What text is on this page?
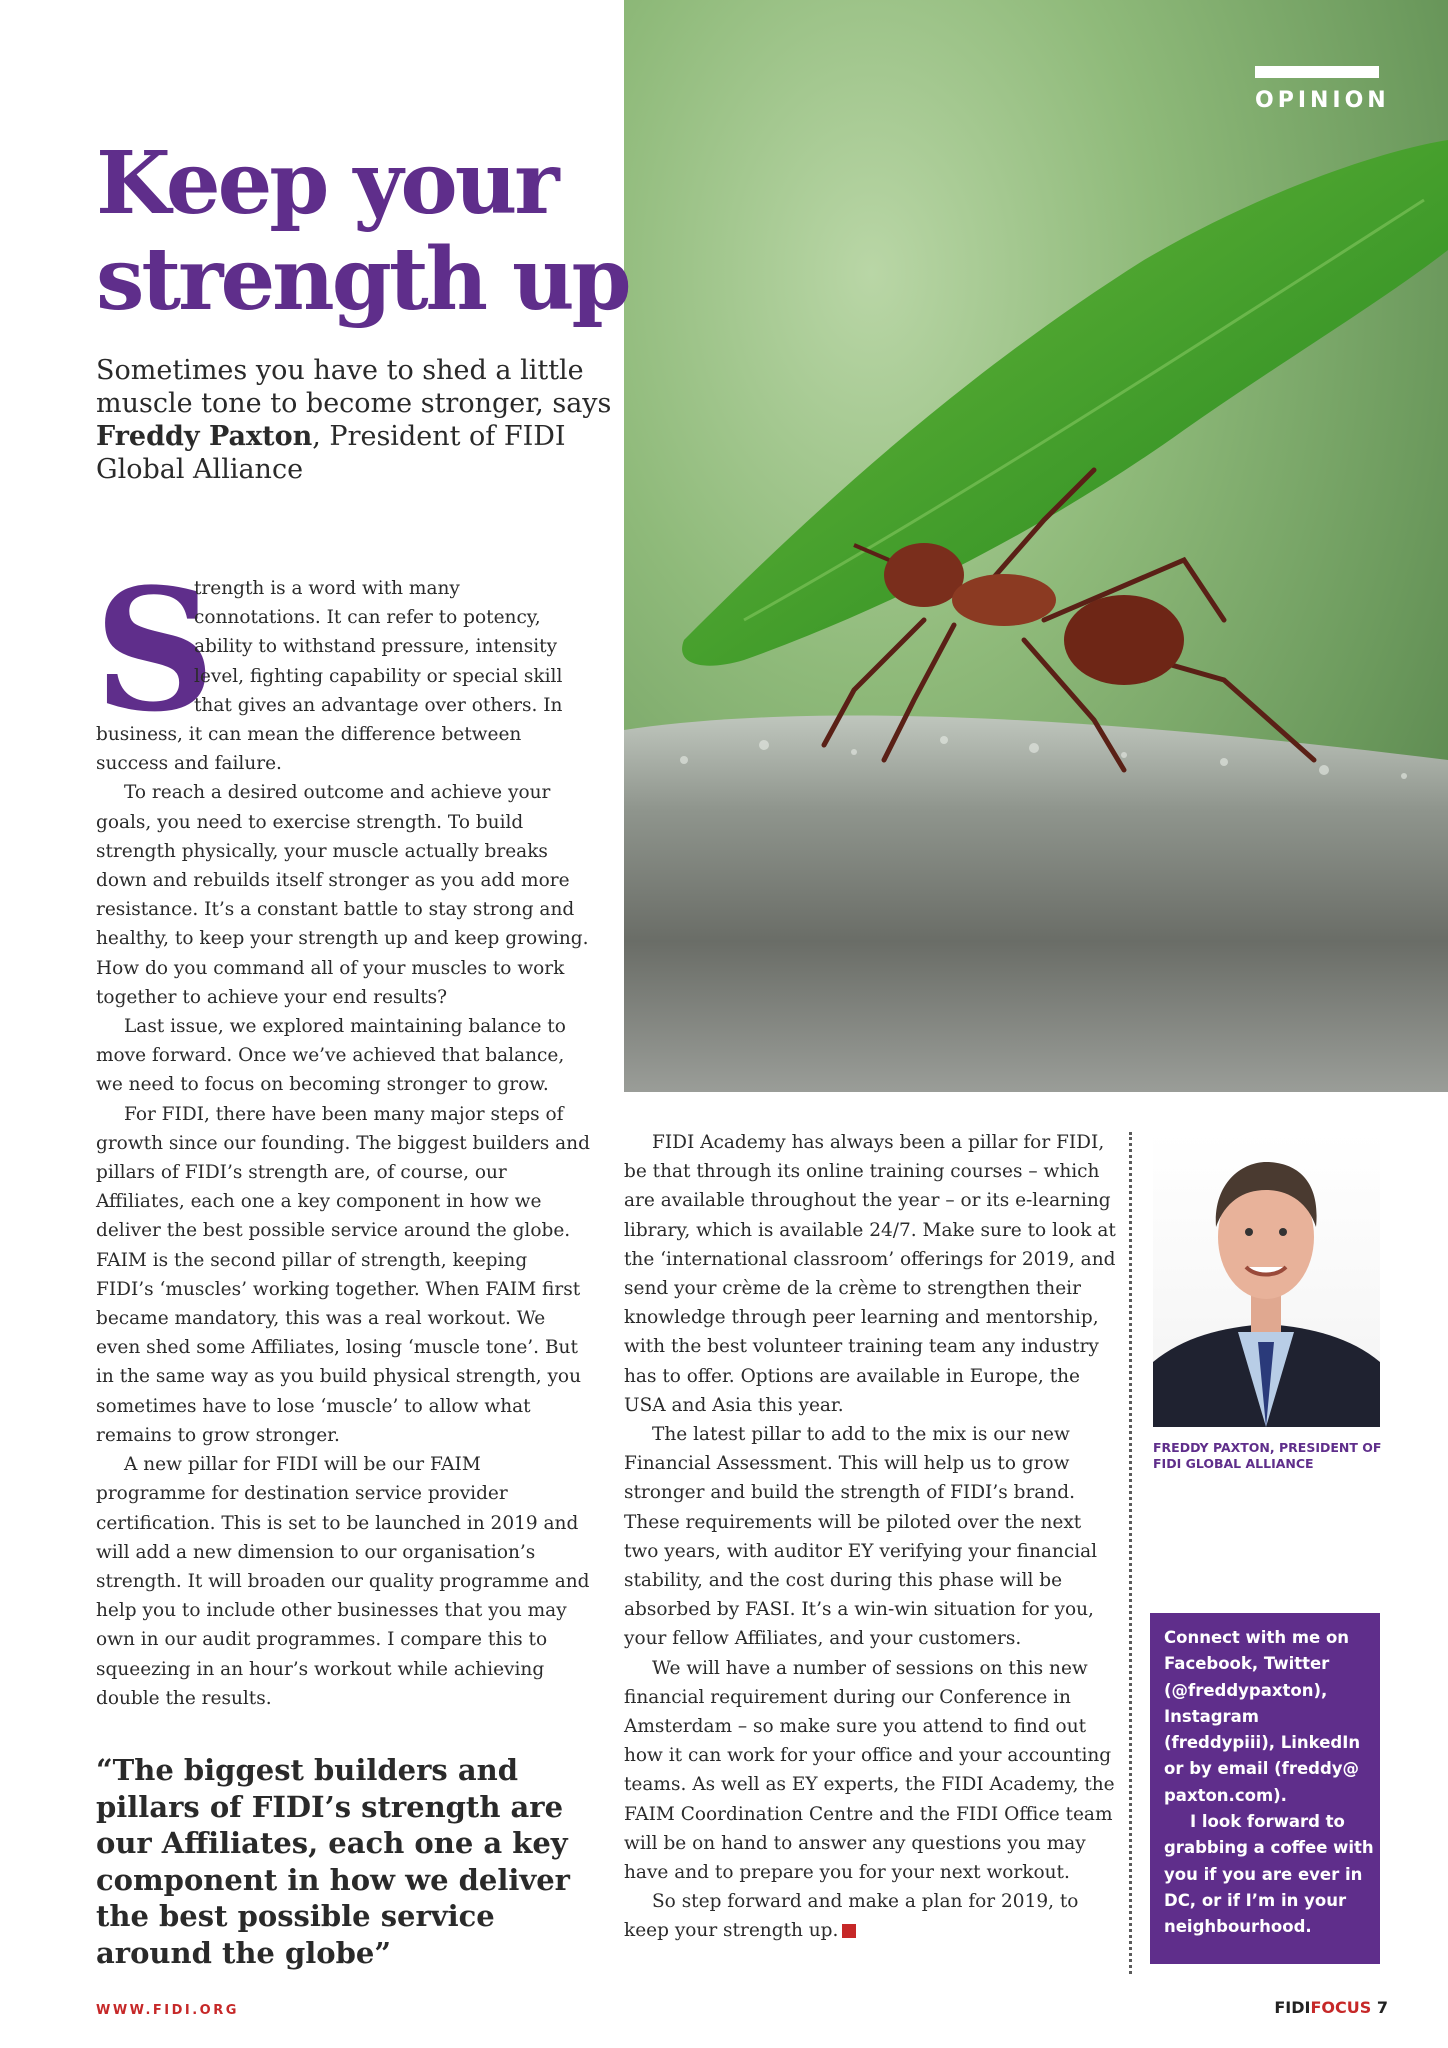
OPINION
Keep your
strength up
Sometimes you have to shed a little muscle tone to become stronger, says Freddy Paxton, President of FIDI Global Alliance
S

trength is a word with many connotations. It can refer to potency, ability to withstand pressure, intensity level, fighting capability or special skill that gives an advantage over others. In business, it can mean the difference between success and failure.

To reach a desired outcome and achieve your goals, you need to exercise strength. To build strength physically, your muscle actually breaks down and rebuilds itself stronger as you add more resistance. It’s a constant battle to stay strong and healthy, to keep your strength up and keep growing. How do you command all of your muscles to work together to achieve your end results?

Last issue, we explored maintaining balance to move forward. Once we’ve achieved that balance, we need to focus on becoming stronger to grow.

For FIDI, there have been many major steps of growth since our founding. The biggest builders and pillars of FIDI’s strength are, of course, our Affiliates, each one a key component in how we deliver the best possible service around the globe. FAIM is the second pillar of strength, keeping FIDI’s ‘muscles’ working together. When FAIM first became mandatory, this was a real workout. We even shed some Affiliates, losing ‘muscle tone’. But in the same way as you build physical strength, you sometimes have to lose ‘muscle’ to allow what remains to grow stronger.

A new pillar for FIDI will be our FAIM programme for destination service provider certification. This is set to be launched in 2019 and will add a new dimension to our organisation’s strength. It will broaden our quality programme and help you to include other businesses that you may own in our audit programmes. I compare this to squeezing in an hour’s workout while achieving double the results.

“The biggest builders and pillars of FIDI’s strength are our Affiliates, each one a key component in how we deliver the best possible service around the globe”

FIDI Academy has always been a pillar for FIDI, be that through its online training courses – which are available throughout the year – or its e-learning library, which is available 24/7. Make sure to look at the ‘international classroom’ offerings for 2019, and send your crème de la crème to strengthen their knowledge through peer learning and mentorship, with the best volunteer training team any industry has to offer. Options are available in Europe, the USA and Asia this year.

The latest pillar to add to the mix is our new Financial Assessment. This will help us to grow stronger and build the strength of FIDI’s brand. These requirements will be piloted over the next two years, with auditor EY verifying your financial stability, and the cost during this phase will be absorbed by FASI. It’s a win-win situation for you, your fellow Affiliates, and your customers.

We will have a number of sessions on this new financial requirement during our Conference in Amsterdam – so make sure you attend to find out how it can work for your office and your accounting teams. As well as EY experts, the FIDI Academy, the FAIM Coordination Centre and the FIDI Office team will be on hand to answer any questions you may have and to prepare you for your next workout.

So step forward and make a plan for 2019, to keep your strength up.	FF

FREDDY PAXTON, PRESIDENT OF FIDI GLOBAL ALLIANCE

Connect with me on Facebook, Twitter (@freddypaxton), Instagram (freddypiii), LinkedIn or by email (freddy@ paxton.com).

I look forward to grabbing a coffee with you if you are ever in DC, or if I’m in your neighbourhood.

WWW.FIDI.ORG	FIDIFOCUS 7
